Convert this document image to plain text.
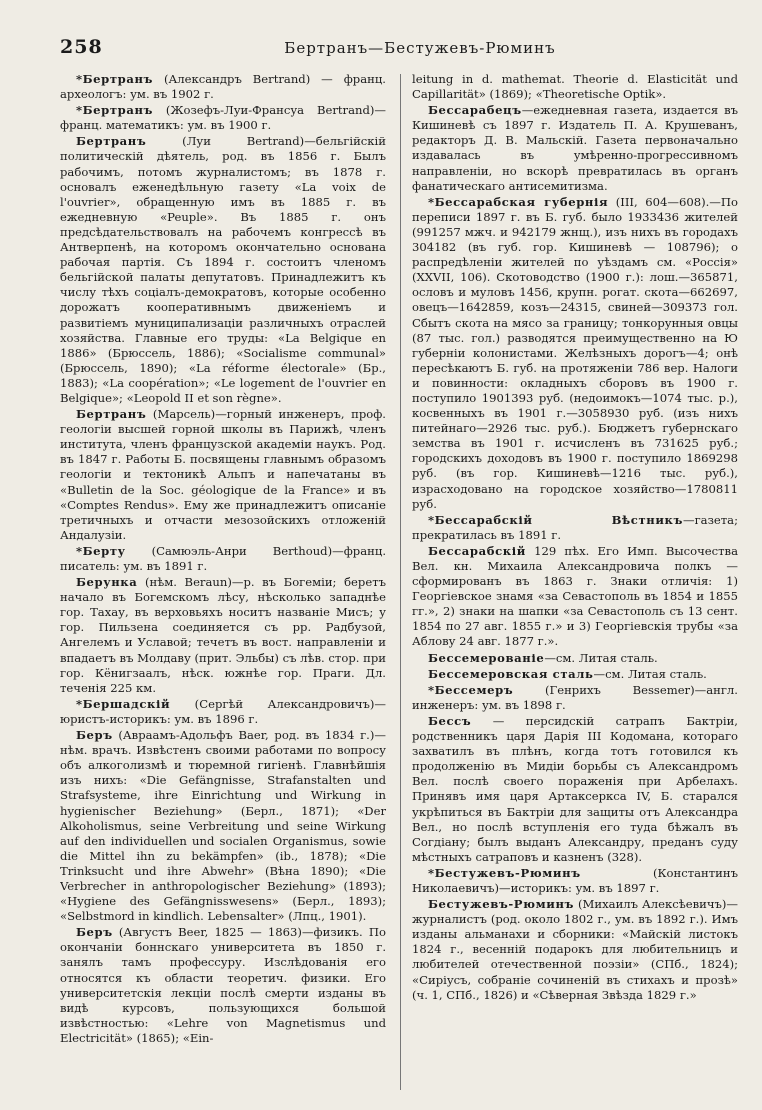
258	Бертранъ—Бестужевъ-Рюминъ

*Бертранъ (Александръ Bertrand) — франц. археологъ: ум. въ 1902 г.

*Бертранъ (Жозефъ-Луи-Франсуа Bertrand)—франц. математикъ: ум. въ 1900 г.

Бертранъ (Луи Bertrand)—бельгійскій политическій дѣятель, род. въ 1856 г. Былъ рабочимъ, потомъ журналистомъ; въ 1878 г. основалъ еженедѣльную газету «La voix de l'ouvrier», обращенную имъ въ 1885 г. въ ежедневную «Peuple». Въ 1885 г. онъ предсѣдательствовалъ на рабочемъ конгрессѣ въ Антверпенѣ, на которомъ окончательно основана рабочая партія. Съ 1894 г. состоитъ членомъ бельгійской палаты депутатовъ. Принадлежитъ къ числу тѣхъ соціалъ-демократовъ, которые особенно дорожатъ кооперативнымъ движеніемъ и развитіемъ муниципализаціи различныхъ отраслей хозяйства. Главные его труды: «La Belgique en 1886» (Брюссель, 1886); «Socialisme communal» (Брюссель, 1890); «La réforme électorale» (Бр., 1883); «La coopération»; «Le logement de l'ouvrier en Belgique»; «Leopold II et son règne».

Бертранъ (Марсель)—горный инженеръ, проф. геологіи высшей горной школы въ Парижѣ, членъ института, членъ французской академіи наукъ. Род. въ 1847 г. Работы Б. посвящены главнымъ образомъ геологіи и тектоникѣ Альпъ и напечатаны въ «Bulletin de la Soc. géologique de la France» и въ «Comptes Rendus». Ему же принадлежитъ описаніе третичныхъ и отчасти мезозойскихъ отложеній Андалузіи.

*Берту (Самюэль-Анри Berthoud)—франц. писатель: ум. въ 1891 г.

Берунка (нѣм. Beraun)—р. въ Богеміи; беретъ начало въ Богемскомъ лѣсу, нѣсколько западнѣе гор. Тахау, въ верховьяхъ носитъ названіе Мисъ; у гор. Пильзена соединяется съ рр. Радбузой, Ангелемъ и Уславой; течетъ въ вост. направленіи и впадаетъ въ Молдаву (прит. Эльбы) съ лѣв. стор. при гор. Кёнигзаалъ, нѣск. южнѣе гор. Праги. Дл. теченія 225 км.

*Бершадскій (Сергѣй Александровичъ)—юристъ-историкъ: ум. въ 1896 г.

Беръ (Авраамъ-Адольфъ Baer, род. въ 1834 г.)—нѣм. врачъ. Извѣстенъ своими работами по вопросу объ алкоголизмѣ и тюремной гигіенѣ. Главнѣйшія изъ нихъ: «Die Gefängnisse, Strafanstalten und Strafsysteme, ihre Einrichtung und Wirkung in hygienischer Beziehung» (Берл., 1871); «Der Alkoholismus, seine Verbreitung und seine Wirkung auf den individuellen und socialen Organismus, sowie die Mittel ihn zu bekämpfen» (ib., 1878); «Die Trinksucht und ihre Abwehr» (Вѣна 1890); «Die Verbrecher in anthropologischer Beziehung» (1893); «Hygiene des Gefängnisswesens» (Берл., 1893); «Selbstmord in kindlich. Lebensalter» (Лпц., 1901).

Беръ (Августъ Beer, 1825 — 1863)—физикъ. По окончаніи боннскаго университета въ 1850 г. занялъ тамъ профессуру. Изслѣдованія его относятся къ области теоретич. физики. Его университетскія лекціи послѣ смерти изданы въ видѣ курсовъ, пользующихся большой извѣстностью: «Lehre von Magnetismus und Electricität» (1865); «Ein-

leitung in d. mathemat. Theorie d. Elasticität und Capillarität» (1869); «Theoretische Optik».

Бессарабецъ—ежедневная газета, издается въ Кишиневѣ съ 1897 г. Издатель П. А. Крушеванъ, редакторъ Д. В. Мальскій. Газета первоначально издавалась въ умѣренно-прогрессивномъ направленіи, но вскорѣ превратилась въ органъ фанатическаго антисемитизма.

*Бессарабская губернія (III, 604—608).—По переписи 1897 г. въ Б. губ. было 1933436 жителей (991257 мжч. и 942179 жнщ.), изъ нихъ въ городахъ 304182 (въ губ. гор. Кишиневѣ — 108796); о распредѣленіи жителей по уѣздамъ см. «Россія» (XXVII, 106). Скотоводство (1900 г.): лош.—365871, ословъ и муловъ 1456, крупн. рогат. скота—662697, овецъ—1642859, козъ—24315, свиней—309373 гол. Сбытъ скота на мясо за границу; тонкорунныя овцы (87 тыс. гол.) разводятся преимущественно на Ю губерніи колонистами. Желѣзныхъ дорогъ—4; онѣ пересѣкаютъ Б. губ. на протяженіи 786 вер. Налоги и повинности: окладныхъ сборовъ въ 1900 г. поступило 1901393 руб. (недоимокъ—1074 тыс. р.), косвенныхъ въ 1901 г.—3058930 руб. (изъ нихъ питейнаго—2926 тыс. руб.). Бюджетъ губернскаго земства въ 1901 г. исчисленъ въ 731625 руб.; городскихъ доходовъ въ 1900 г. поступило 1869298 руб. (въ гор. Кишиневѣ—1216 тыс. руб.), израсходовано на городское хозяйство—1780811 руб.

*Бессарабскій Вѣстникъ—газета; прекратилась въ 1891 г.

Бессарабскій 129 пѣх. Его Имп. Высочества Вел. кн. Михаила Александровича полкъ — сформированъ въ 1863 г. Знаки отличія: 1) Георгіевское знамя «за Севастополь въ 1854 и 1855 гг.», 2) знаки на шапки «за Севастополь съ 13 сент. 1854 по 27 авг. 1855 г.» и 3) Георгіевскія трубы «за Аблову 24 авг. 1877 г.».

Бессемерованіе—см. Литая сталь.

Бессемеровская сталь—см. Литая сталь.

*Бессемеръ (Генрихъ Bessemer)—англ. инженеръ: ум. въ 1898 г.

Бессъ — персидскій сатрапъ Бактріи, родственникъ царя Дарія III Кодомана, котораго захватилъ въ плѣнъ, когда тотъ готовился къ продолженію въ Мидіи борьбы съ Александромъ Вел. послѣ своего пораженія при Арбелахъ. Принявъ имя царя Артаксеркса IV, Б. старался укрѣпиться въ Бактріи для защиты отъ Александра Вел., но послѣ вступленія его туда бѣжалъ въ Согдіану; былъ выданъ Александру, преданъ суду мѣстныхъ сатраповъ и казненъ (328).

*Бестужевъ-Рюминъ (Константинъ Николаевичъ)—историкъ: ум. въ 1897 г.

Бестужевъ-Рюминъ (Михаилъ Алексѣевичъ)—журналистъ (род. около 1802 г., ум. въ 1892 г.). Имъ изданы альманахи и сборники: «Майскій листокъ 1824 г., весенній подарокъ для любительницъ и любителей отечественной поэзіи» (СПб., 1824); «Сиріусъ, собраніе сочиненій въ стихахъ и прозѣ» (ч. 1, СПб., 1826) и «Сѣверная Звѣзда 1829 г.»
